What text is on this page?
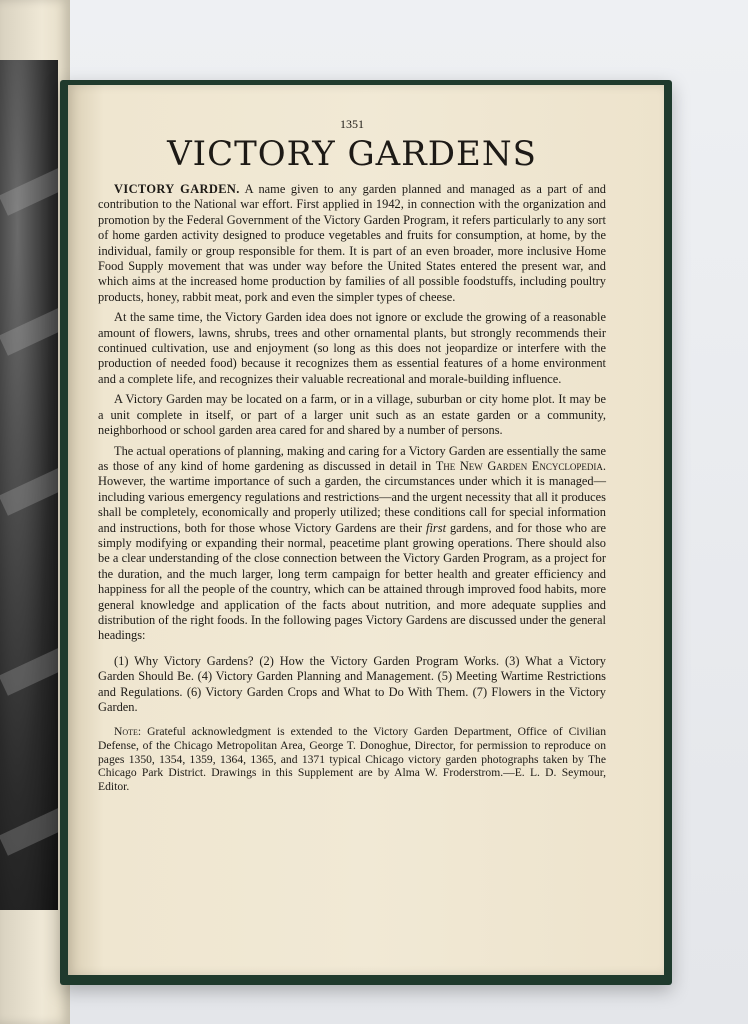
1351
VICTORY GARDENS

VICTORY GARDEN. A name given to any garden planned and managed as a part of and contribution to the National war effort. First applied in 1942, in connection with the organization and promotion by the Federal Government of the Victory Garden Program, it refers particularly to any sort of home garden activity designed to produce vegetables and fruits for consumption, at home, by the individual, family or group responsible for them. It is part of an even broader, more inclusive Home Food Supply movement that was under way before the United States entered the present war, and which aims at the increased home production by families of all possible foodstuffs, including poultry products, honey, rabbit meat, pork and even the simpler types of cheese.

At the same time, the Victory Garden idea does not ignore or exclude the growing of a reasonable amount of flowers, lawns, shrubs, trees and other ornamental plants, but strongly recommends their continued cultivation, use and enjoyment (so long as this does not jeopardize or interfere with the production of needed food) because it recognizes them as essential features of a home environment and a complete life, and recognizes their valuable recreational and morale-building influence.

A Victory Garden may be located on a farm, or in a village, suburban or city home plot. It may be a unit complete in itself, or part of a larger unit such as an estate garden or a community, neighborhood or school garden area cared for and shared by a number of persons.

The actual operations of planning, making and caring for a Victory Garden are essentially the same as those of any kind of home gardening as discussed in detail in The New Garden Encyclopedia. However, the wartime importance of such a garden, the circumstances under which it is managed—including various emergency regulations and restrictions—and the urgent necessity that all it produces shall be completely, economically and properly utilized; these conditions call for special information and instructions, both for those whose Victory Gardens are their first gardens, and for those who are simply modifying or expanding their normal, peacetime plant growing operations. There should also be a clear understanding of the close connection between the Victory Garden Program, as a project for the duration, and the much larger, long term campaign for better health and greater efficiency and happiness for all the people of the country, which can be attained through improved food habits, more general knowledge and application of the facts about nutrition, and more adequate supplies and distribution of the right foods. In the following pages Victory Gardens are discussed under the general headings:

(1) Why Victory Gardens? (2) How the Victory Garden Program Works. (3) What a Victory Garden Should Be. (4) Victory Garden Planning and Management. (5) Meeting Wartime Restrictions and Regulations. (6) Victory Garden Crops and What to Do With Them. (7) Flowers in the Victory Garden.

Note: Grateful acknowledgment is extended to the Victory Garden Department, Office of Civilian Defense, of the Chicago Metropolitan Area, George T. Donoghue, Director, for permission to reproduce on pages 1350, 1354, 1359, 1364, 1365, and 1371 typical Chicago victory garden photographs taken by The Chicago Park District. Drawings in this Supplement are by Alma W. Froderstrom.—E. L. D. Seymour, Editor.
